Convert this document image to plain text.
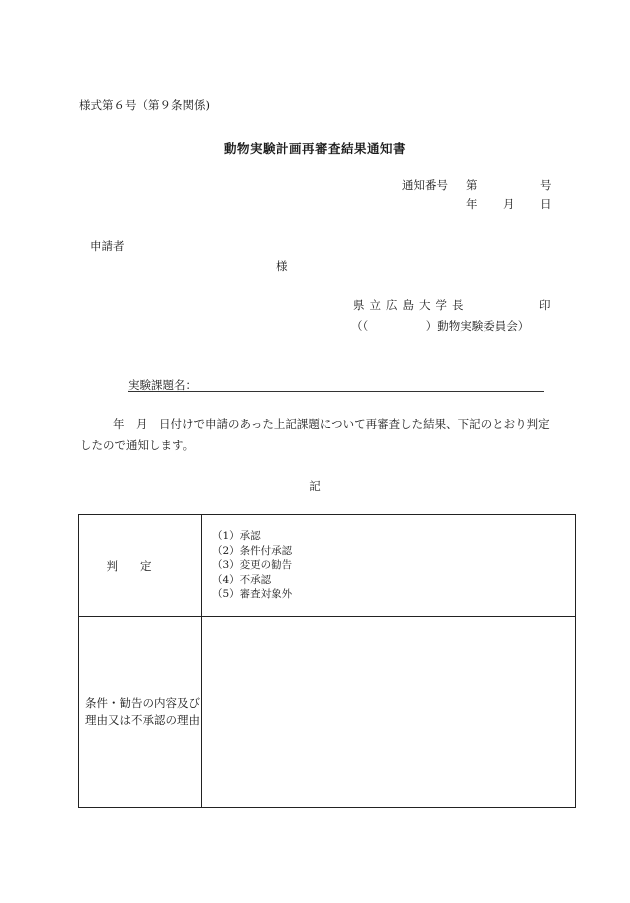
様式第６号（第９条関係)
動物実験計画再審査結果通知書
通知番号 第	号
年 月 日
申請者
様
県立広島大学長	印
（（　　　　　）動物実験委員会）
実験課題名：
年　月　日付けで申請のあった上記課題について再審査した結果、下記のとおり判定したので通知します。
記
判定	（1）承認
（2）条件付承認
（3）変更の勧告
（4）不承認
（5）審査対象外

条件・勧告の内容及び理由又は不承認の理由	
